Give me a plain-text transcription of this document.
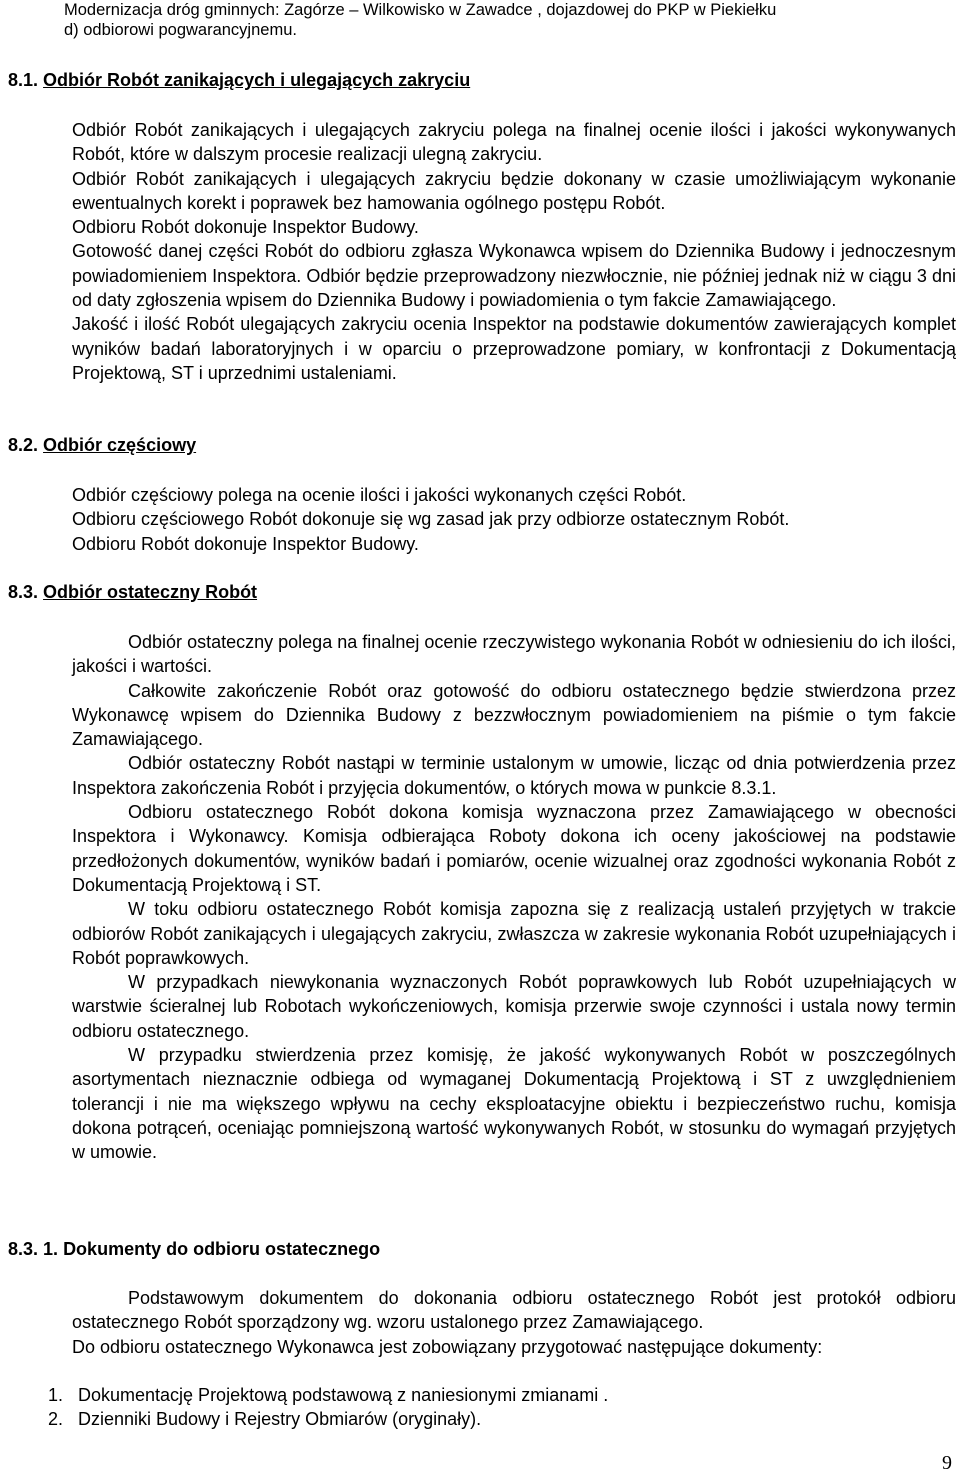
Modernizacja dróg gminnych: Zagórze – Wilkowisko w Zawadce , dojazdowej do PKP w Piekiełku
d) odbiorowi pogwarancyjnemu.
8.1. Odbiór Robót zanikających i ulegających zakryciu

Odbiór Robót zanikających i ulegających zakryciu polega na finalnej ocenie ilości i jakości wykonywanych Robót, które w dalszym procesie realizacji ulegną zakryciu.

Odbiór Robót zanikających i ulegających zakryciu będzie dokonany w czasie umożliwiającym wykonanie ewentualnych korekt i poprawek bez hamowania ogólnego postępu Robót.

Odbioru Robót dokonuje Inspektor Budowy.

Gotowość danej części Robót do odbioru zgłasza Wykonawca wpisem do Dziennika Budowy i jednoczesnym powiadomieniem Inspektora. Odbiór będzie przeprowadzony niezwłocznie, nie później jednak niż w ciągu 3 dni od daty zgłoszenia wpisem do Dziennika Budowy i powiadomienia o tym fakcie Zamawiającego.

Jakość i ilość Robót ulegających zakryciu ocenia Inspektor na podstawie dokumentów zawierających komplet wyników badań laboratoryjnych i w oparciu o przeprowadzone pomiary, w konfrontacji z Dokumentacją Projektową, ST i uprzednimi ustaleniami.

8.2. Odbiór częściowy

Odbiór częściowy polega na ocenie ilości i jakości wykonanych części Robót.

Odbioru częściowego Robót dokonuje się wg zasad jak przy odbiorze ostatecznym Robót.

Odbioru Robót dokonuje Inspektor Budowy.

8.3. Odbiór ostateczny Robót

Odbiór ostateczny polega na finalnej ocenie rzeczywistego wykonania Robót w odniesieniu do ich ilości, jakości i wartości.

Całkowite zakończenie Robót oraz gotowość do odbioru ostatecznego będzie stwierdzona przez Wykonawcę wpisem do Dziennika Budowy z bezzwłocznym powiadomieniem na piśmie o tym fakcie Zamawiającego.

Odbiór ostateczny Robót nastąpi w terminie ustalonym w umowie, licząc od dnia potwierdzenia przez Inspektora zakończenia Robót i przyjęcia dokumentów, o których mowa w punkcie 8.3.1.

Odbioru ostatecznego Robót dokona komisja wyznaczona przez Zamawiającego w obecności Inspektora i Wykonawcy. Komisja odbierająca Roboty dokona ich oceny jakościowej na podstawie przedłożonych dokumentów, wyników badań i pomiarów, ocenie wizualnej oraz zgodności wykonania Robót z Dokumentacją Projektową i ST.

W toku odbioru ostatecznego Robót komisja zapozna się z realizacją ustaleń przyjętych w trakcie odbiorów Robót zanikających i ulegających zakryciu, zwłaszcza w zakresie wykonania Robót uzupełniających i Robót poprawkowych.

W przypadkach niewykonania wyznaczonych Robót poprawkowych lub Robót uzupełniających w warstwie ścieralnej lub Robotach wykończeniowych, komisja przerwie swoje czynności i ustala nowy termin odbioru ostatecznego.

W przypadku stwierdzenia przez komisję, że jakość wykonywanych Robót w poszczególnych asortymentach nieznacznie odbiega od wymaganej Dokumentacją Projektową i ST z uwzględnieniem tolerancji i nie ma większego wpływu na cechy eksploatacyjne obiektu i bezpieczeństwo ruchu, komisja dokona potrąceń, oceniając pomniejszoną wartość wykonywanych Robót, w stosunku do wymagań przyjętych w umowie.

8.3. 1. Dokumenty do odbioru ostatecznego

Podstawowym dokumentem do dokonania odbioru ostatecznego Robót jest protokół odbioru ostatecznego Robót sporządzony wg. wzoru ustalonego przez Zamawiającego.

Do odbioru ostatecznego Wykonawca jest zobowiązany przygotować następujące dokumenty:

1. Dokumentację Projektową podstawową z naniesionymi zmianami .
2. Dzienniki Budowy i Rejestry Obmiarów (oryginały).
9
